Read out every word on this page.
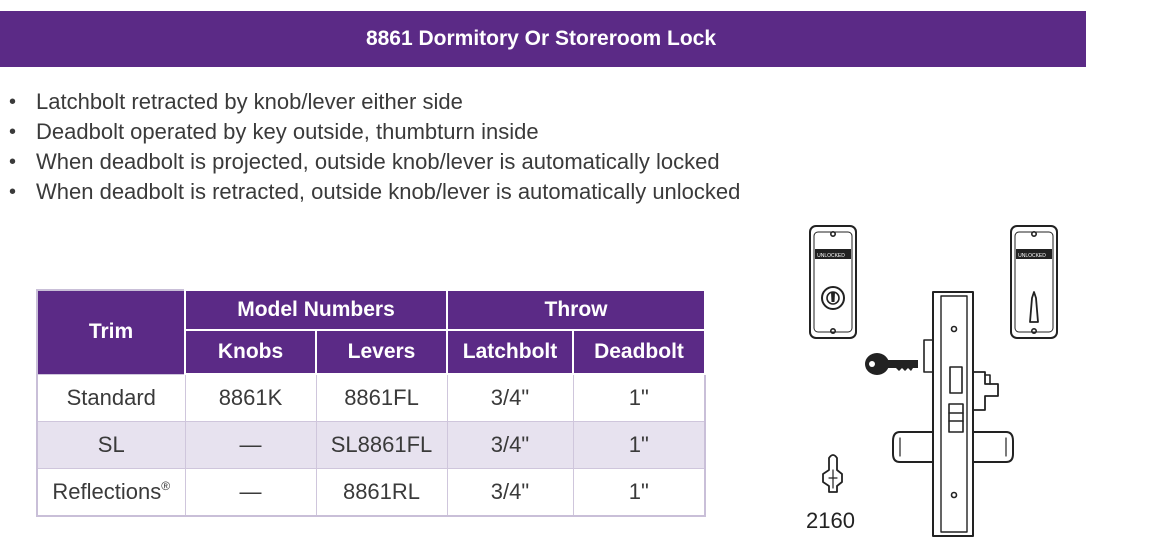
8861 Dormitory Or Storeroom Lock
• Latchbolt retracted by knob/lever either side
• Deadbolt operated by key outside, thumbturn inside
• When deadbolt is projected, outside knob/lever is automatically locked
• When deadbolt is retracted, outside knob/lever is automatically unlocked
Trim	Model Numbers		Throw	
	Knobs	Levers	Latchbolt	Deadbolt
Standard	8861K	8861FL	3/4"	1"
SL	—	SL8861FL	3/4"	1"
Reflections®	—	8861RL	3/4"	1"
UNLOCKED	UNLOCKED
2160
